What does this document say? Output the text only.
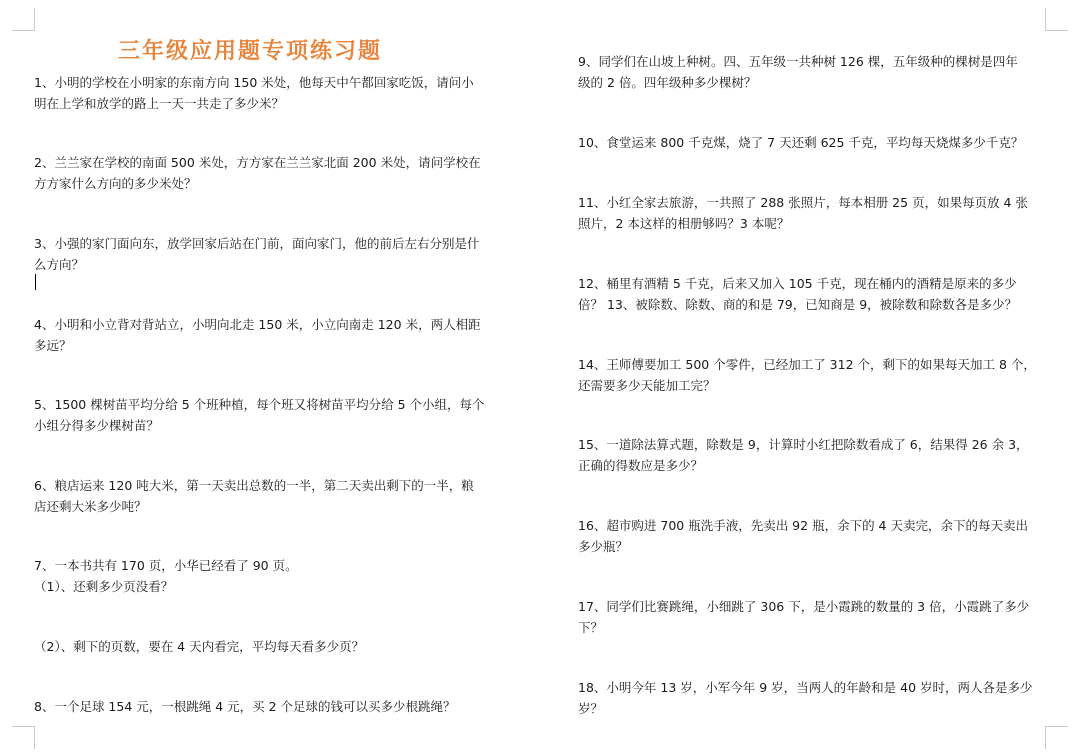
三年级应用题专项练习题
1、小明的学校在小明家的东南方向 150 米处，他每天中午都回家吃饭，请问小
明在上学和放学的路上一天一共走了多少米？
2、兰兰家在学校的南面 500 米处，方方家在兰兰家北面 200 米处，请问学校在
方方家什么方向的多少米处？
3、小强的家门面向东，放学回家后站在门前，面向家门，他的前后左右分别是什
么方向？
4、小明和小立背对背站立，小明向北走 150 米，小立向南走 120 米，两人相距
多远？
5、1500 棵树苗平均分给 5 个班种植，每个班又将树苗平均分给 5 个小组，每个
小组分得多少棵树苗？
6、粮店运来 120 吨大米，第一天卖出总数的一半，第二天卖出剩下的一半，粮
店还剩大米多少吨？
7、一本书共有 170 页，小华已经看了 90 页。
（1）、还剩多少页没看？
（2）、剩下的页数，要在 4 天内看完，平均每天看多少页？
8、一个足球 154 元，一根跳绳 4 元，买 2 个足球的钱可以买多少根跳绳？
9、同学们在山坡上种树。四、五年级一共种树 126 棵，五年级种的棵树是四年
级的 2 倍。四年级种多少棵树？
10、食堂运来 800 千克煤，烧了 7 天还剩 625 千克，平均每天烧煤多少千克？
11、小红全家去旅游，一共照了 288 张照片，每本相册 25 页，如果每页放 4 张
照片，2 本这样的相册够吗？3 本呢？
12、桶里有酒精 5 千克，后来又加入 105 千克，现在桶内的酒精是原来的多少
倍？ 13、被除数、除数、商的和是 79，已知商是 9，被除数和除数各是多少？
14、王师傅要加工 500 个零件，已经加工了 312 个，剩下的如果每天加工 8 个，
还需要多少天能加工完？
15、一道除法算式题，除数是 9，计算时小红把除数看成了 6，结果得 26 余 3，
正确的得数应是多少？
16、超市购进 700 瓶洗手液，先卖出 92 瓶，余下的 4 天卖完，余下的每天卖出
多少瓶？
17、同学们比赛跳绳，小细跳了 306 下，是小霞跳的数量的 3 倍，小霞跳了多少
下？
18、小明今年 13 岁，小军今年 9 岁，当两人的年龄和是 40 岁时，两人各是多少
岁？
